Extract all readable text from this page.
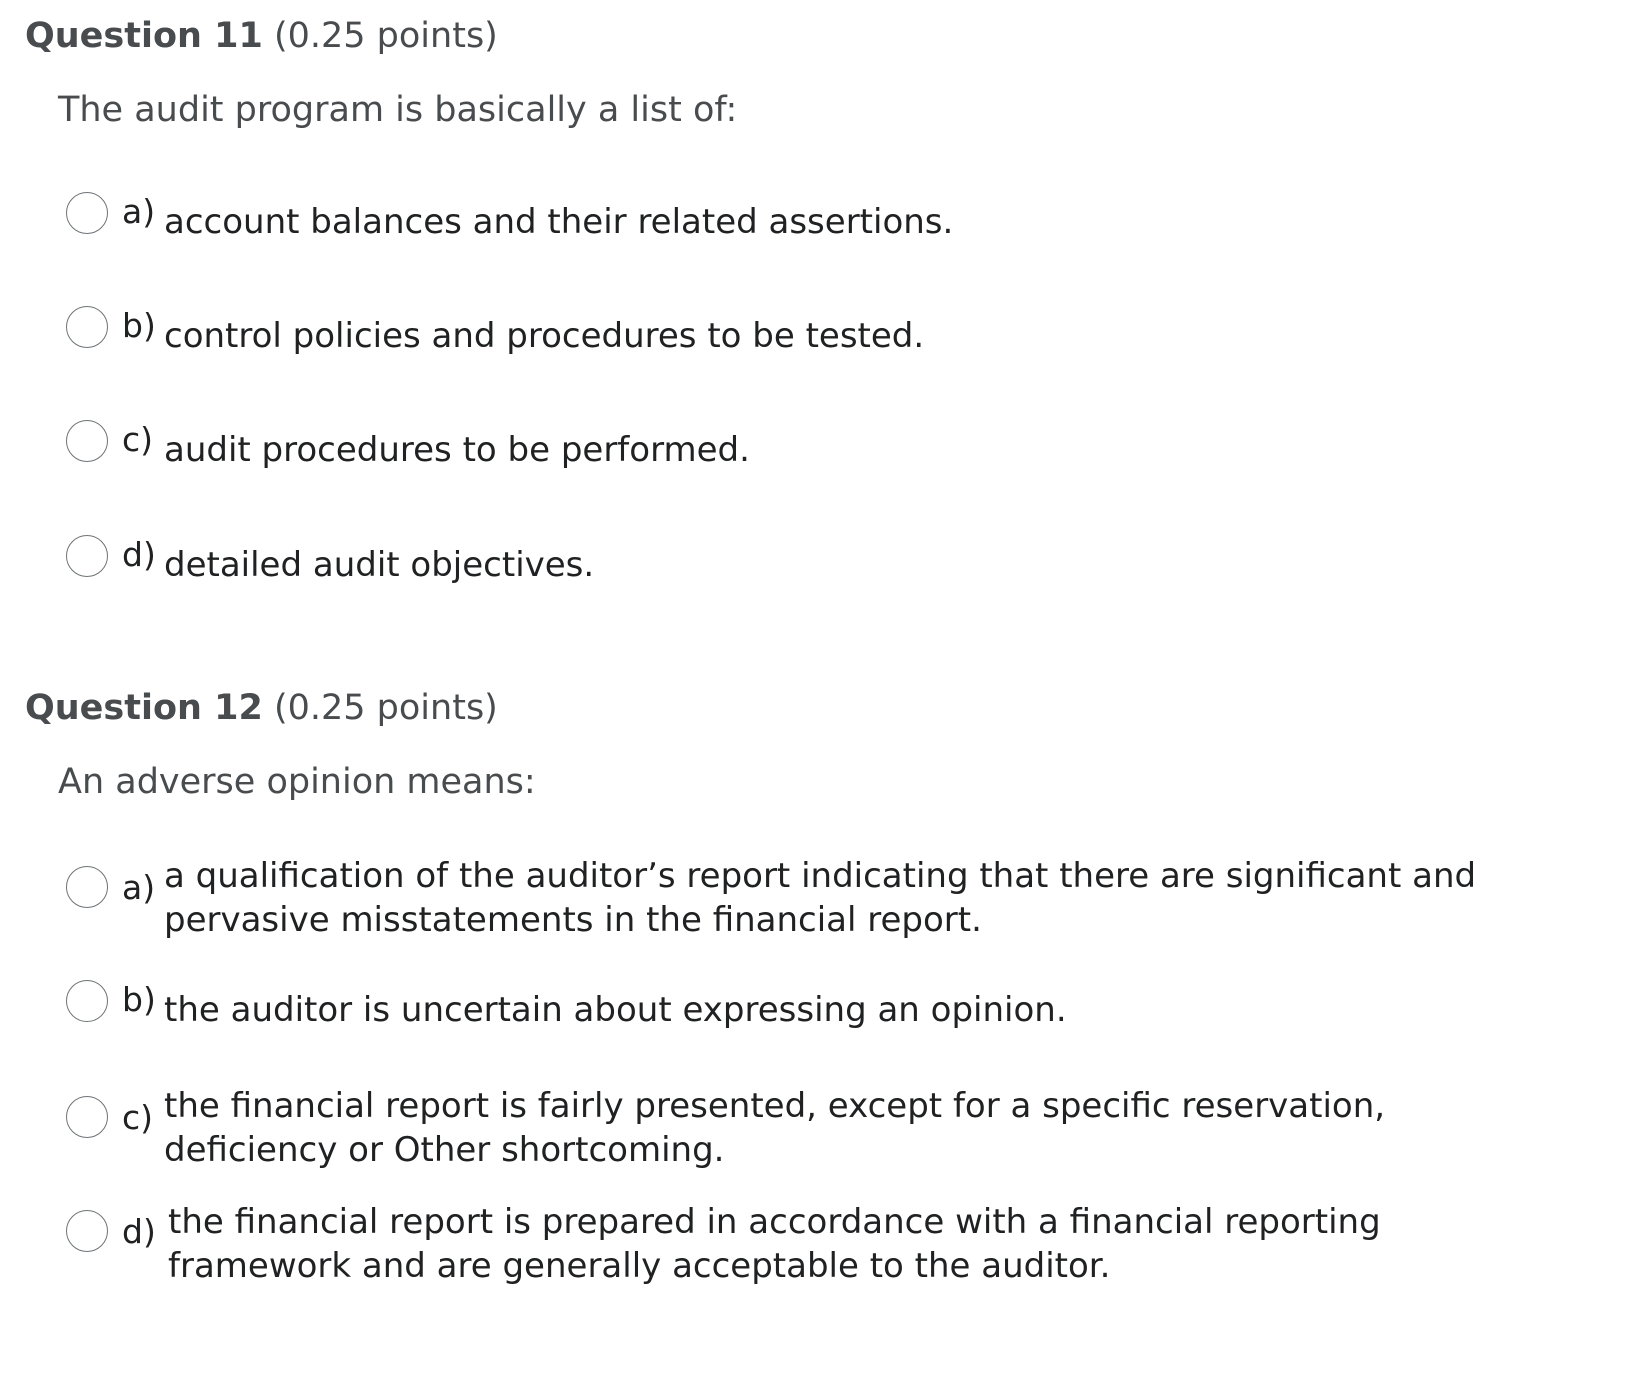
Question 11 (0.25 points)
The audit program is basically a list of:
a) account balances and their related assertions.
b) control policies and procedures to be tested.
c) audit procedures to be performed.
d) detailed audit objectives.
Question 12 (0.25 points)
An adverse opinion means:
a) a qualification of the auditor’s report indicating that there are significant and pervasive misstatements in the financial report.
b) the auditor is uncertain about expressing an opinion.
c) the financial report is fairly presented, except for a specific reservation, deficiency or Other shortcoming.
d) the financial report is prepared in accordance with a financial reporting framework and are generally acceptable to the auditor.
